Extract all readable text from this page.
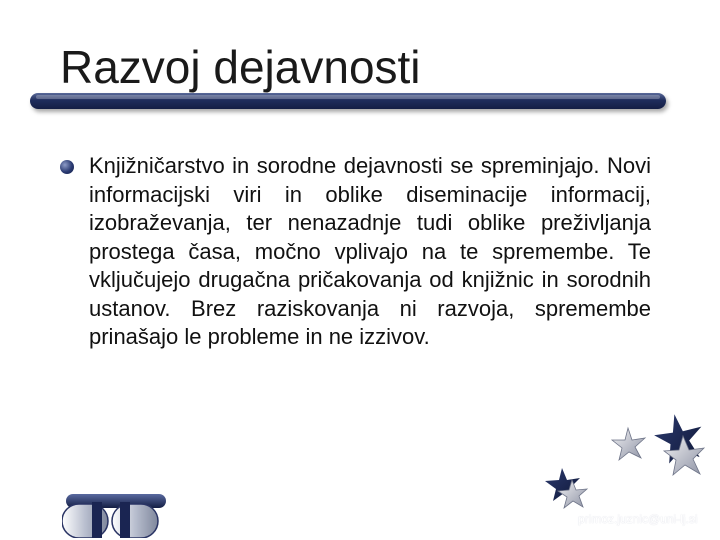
Razvoj dejavnosti
Knjižničarstvo in sorodne dejavnosti se spreminjajo. Novi informacijski viri in oblike diseminacije informacij, izobraževanja, ter nenazadnje tudi oblike preživljanja prostega časa, močno vplivajo na te spremembe. Te vključujejo drugačna pričakovanja od knjižnic in sorodnih ustanov. Brez raziskovanja ni razvoja, spremembe prinašajo le probleme in ne izzivov.
primoz.juznic@uni-lj.si
